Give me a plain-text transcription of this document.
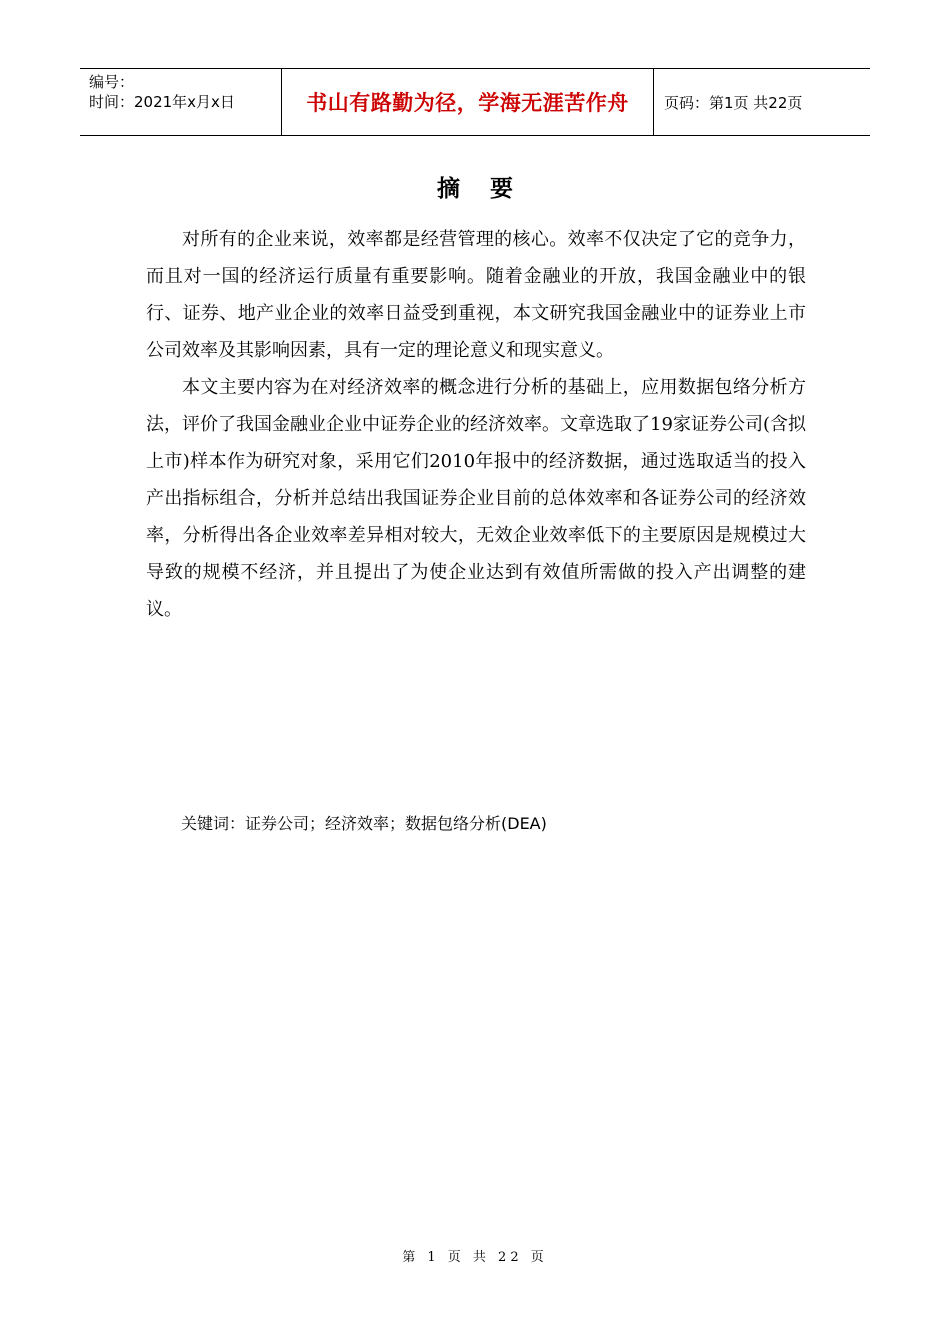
编号：
时间：2021年x月x日	书山有路勤为径，学海无涯苦作舟 页码：第1页 共22页
摘要

对所有的企业来说，效率都是经营管理的核心。效率不仅决定了它的竞争力，而且对一国的经济运行质量有重要影响。随着金融业的开放，我国金融业中的银行、证券、地产业企业的效率日益受到重视，本文研究我国金融业中的证券业上市公司效率及其影响因素，具有一定的理论意义和现实意义。

本文主要内容为在对经济效率的概念进行分析的基础上，应用数据包络分析方法，评价了我国金融业企业中证券企业的经济效率。文章选取了19家证券公司(含拟上市)样本作为研究对象，采用它们2010年报中的经济数据，通过选取适当的投入产出指标组合，分析并总结出我国证券企业目前的总体效率和各证券公司的经济效率，分析得出各企业效率差异相对较大，无效企业效率低下的主要原因是规模过大导致的规模不经济，并且提出了为使企业达到有效值所需做的投入产出调整的建议。

关键词：证券公司；经济效率；数据包络分析(DEA)
第 1 页 共 22 页
